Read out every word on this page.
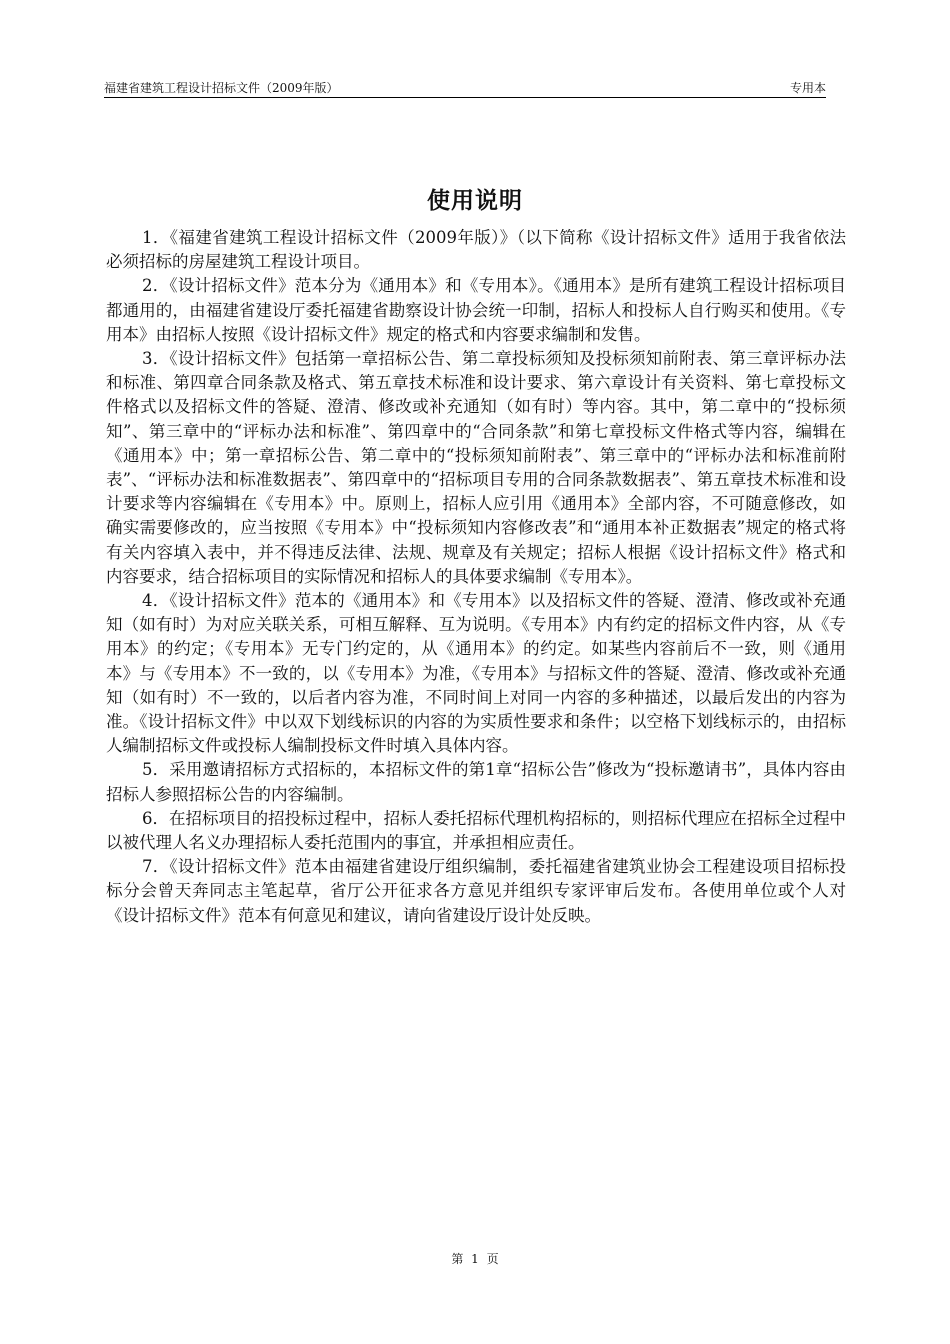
福建省建筑工程设计招标文件（2009年版）	专用本
使用说明

1．《福建省建筑工程设计招标文件（2009年版）》（以下简称《设计招标文件》适用于我省依法必须招标的房屋建筑工程设计项目。

2．《设计招标文件》范本分为《通用本》和《专用本》。《通用本》是所有建筑工程设计招标项目都通用的，由福建省建设厅委托福建省勘察设计协会统一印制，招标人和投标人自行购买和使用。《专用本》由招标人按照《设计招标文件》规定的格式和内容要求编制和发售。

3．《设计招标文件》包括第一章招标公告、第二章投标须知及投标须知前附表、第三章评标办法和标准、第四章合同条款及格式、第五章技术标准和设计要求、第六章设计有关资料、第七章投标文件格式以及招标文件的答疑、澄清、修改或补充通知（如有时）等内容。其中，第二章中的“投标须知”、第三章中的“评标办法和标准”、第四章中的“合同条款”和第七章投标文件格式等内容，编辑在《通用本》中；第一章招标公告、第二章中的“投标须知前附表”、第三章中的“评标办法和标准前附表”、“评标办法和标准数据表”、第四章中的“招标项目专用的合同条款数据表”、第五章技术标准和设计要求等内容编辑在《专用本》中。原则上，招标人应引用《通用本》全部内容，不可随意修改，如确实需要修改的，应当按照《专用本》中“投标须知内容修改表”和“通用本补正数据表”规定的格式将有关内容填入表中，并不得违反法律、法规、规章及有关规定；招标人根据《设计招标文件》格式和内容要求，结合招标项目的实际情况和招标人的具体要求编制《专用本》。

4．《设计招标文件》范本的《通用本》和《专用本》以及招标文件的答疑、澄清、修改或补充通知（如有时）为对应关联关系，可相互解释、互为说明。《专用本》内有约定的招标文件内容，从《专用本》的约定；《专用本》无专门约定的，从《通用本》的约定。如某些内容前后不一致，则《通用本》与《专用本》不一致的，以《专用本》为准，《专用本》与招标文件的答疑、澄清、修改或补充通知（如有时）不一致的，以后者内容为准，不同时间上对同一内容的多种描述，以最后发出的内容为准。《设计招标文件》中以双下划线标识的内容的为实质性要求和条件；以空格下划线标示的，由招标人编制招标文件或投标人编制投标文件时填入具体内容。

5．采用邀请招标方式招标的，本招标文件的第1章“招标公告”修改为“投标邀请书”，具体内容由招标人参照招标公告的内容编制。

6．在招标项目的招投标过程中，招标人委托招标代理机构招标的，则招标代理应在招标全过程中以被代理人名义办理招标人委托范围内的事宜，并承担相应责任。

7．《设计招标文件》范本由福建省建设厅组织编制，委托福建省建筑业协会工程建设项目招标投标分会曾天奔同志主笔起草，省厅公开征求各方意见并组织专家评审后发布。各使用单位或个人对《设计招标文件》范本有何意见和建议，请向省建设厅设计处反映。

第 1 页
